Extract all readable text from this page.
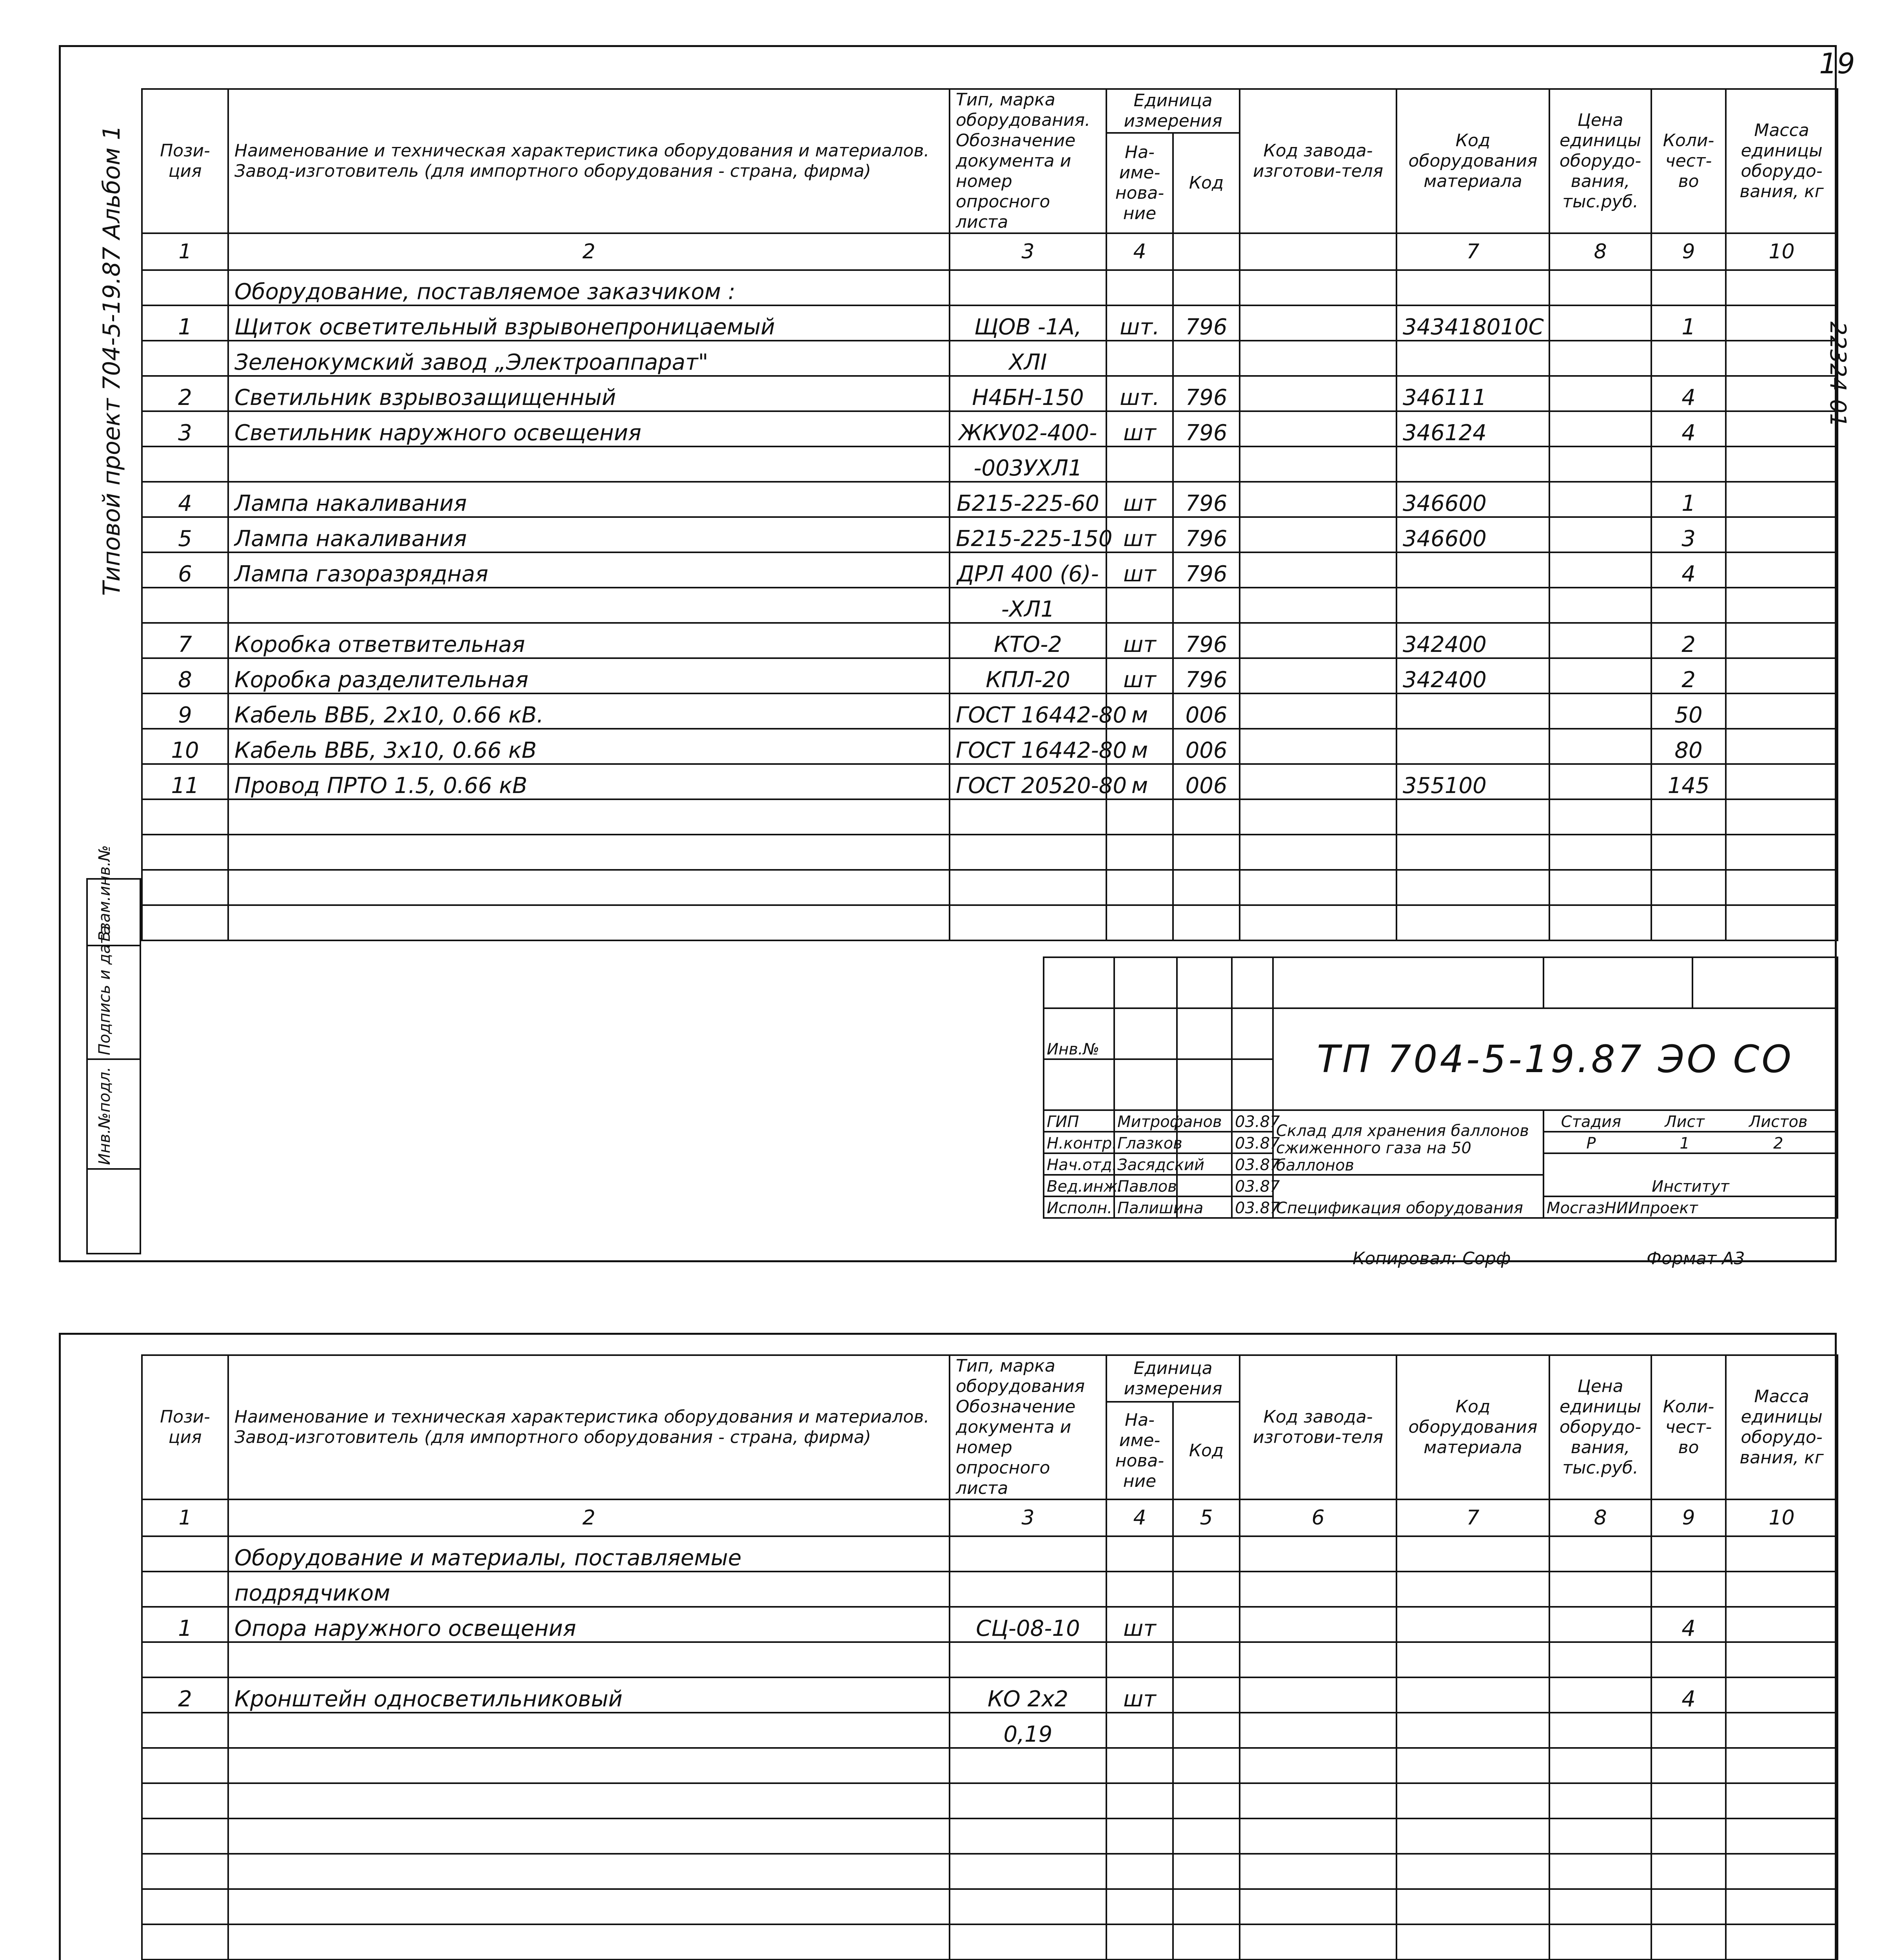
19
22324-01
Типовой проект 704-5-19.87 Альбом 1
Взам.инв.№
Подпись и дата
Инв.№подл.
Пози-ция	Наименование и техническая характеристика оборудования и материалов. Завод-изготовитель (для импортного оборудования - страна, фирма)	Тип, марка оборудования. Обозначение документа и номер опросного листа	Единица измерения		Код завода-изготови-теля	Код оборудования материала	Цена единицы оборудо-вания, тыс.руб.	Коли-чест-во	Масса единицы оборудо-вания, кг
			На-име-нова-ние	Код					
1	2	3	4			7	8	9	10
	Оборудование, поставляемое заказчиком :								
1	Щиток осветительный взрывонепроницаемый	ЩОВ -1А,	шт.	796		343418010С		1	
	Зеленокумский завод „Электроаппарат"	ХЛI							
2	Светильник взрывозащищенный	Н4БН-150	шт.	796		346111		4	
3	Светильник наружного освещения	ЖКУ02-400-	шт	796		346124		4	
		-003УХЛ1							
4	Лампа накаливания	Б215-225-60	шт	796		346600		1	
5	Лампа накаливания	Б215-225-150	шт	796		346600		3	
6	Лампа газоразрядная	ДРЛ 400 (6)-	шт	796				4	
		-ХЛ1							
7	Коробка ответвительная	КТО-2	шт	796		342400		2	
8	Коробка разделительная	КПЛ-20	шт	796		342400		2	
9	Кабель ВВБ, 2х10, 0.66 кВ.	ГОСТ 16442-80	м	006				50	
10	Кабель ВВБ, 3х10, 0.66 кВ	ГОСТ 16442-80	м	006				80	
11	Провод ПРТО 1.5, 0.66 кВ	ГОСТ 20520-80	м	006		355100		145	

Инв.№				ТП 704-5-19.87 ЭО СО		

ГИП	Митрофанов		03.87	Склад для хранения баллонов сжиженного газа на 50 баллонов	Стадия Лист Листов	
Н.контр.	Глазков		03.87		Р 1 2	
Нач.отд.	Засядский		03.87		Институт	
Вед.инж.	Павлов		03.87	Спецификация оборудования		
Исполн.	Палишина		03.87		МосгазНИИпроект	
Копировал: Сорф	Формат А3
Пози-ция	Наименование и техническая характеристика оборудования и материалов. Завод-изготовитель (для импортного оборудования - страна, фирма)	Тип, марка оборудования Обозначение документа и номер опросного листа	Единица измерения		Код завода-изготови-теля	Код оборудования материала	Цена единицы оборудо-вания, тыс.руб.	Коли-чест-во	Масса единицы оборудо-вания, кг
			На-име-нова-ние	Код					
1	2	3	4	5	6	7	8	9	10
	Оборудование и материалы, поставляемые								
	подрядчиком								
1	Опора наружного освещения	СЦ-08-10	шт					4	

2	Кронштейн односветильниковый	КО 2х2	шт					4	
		0,19							
